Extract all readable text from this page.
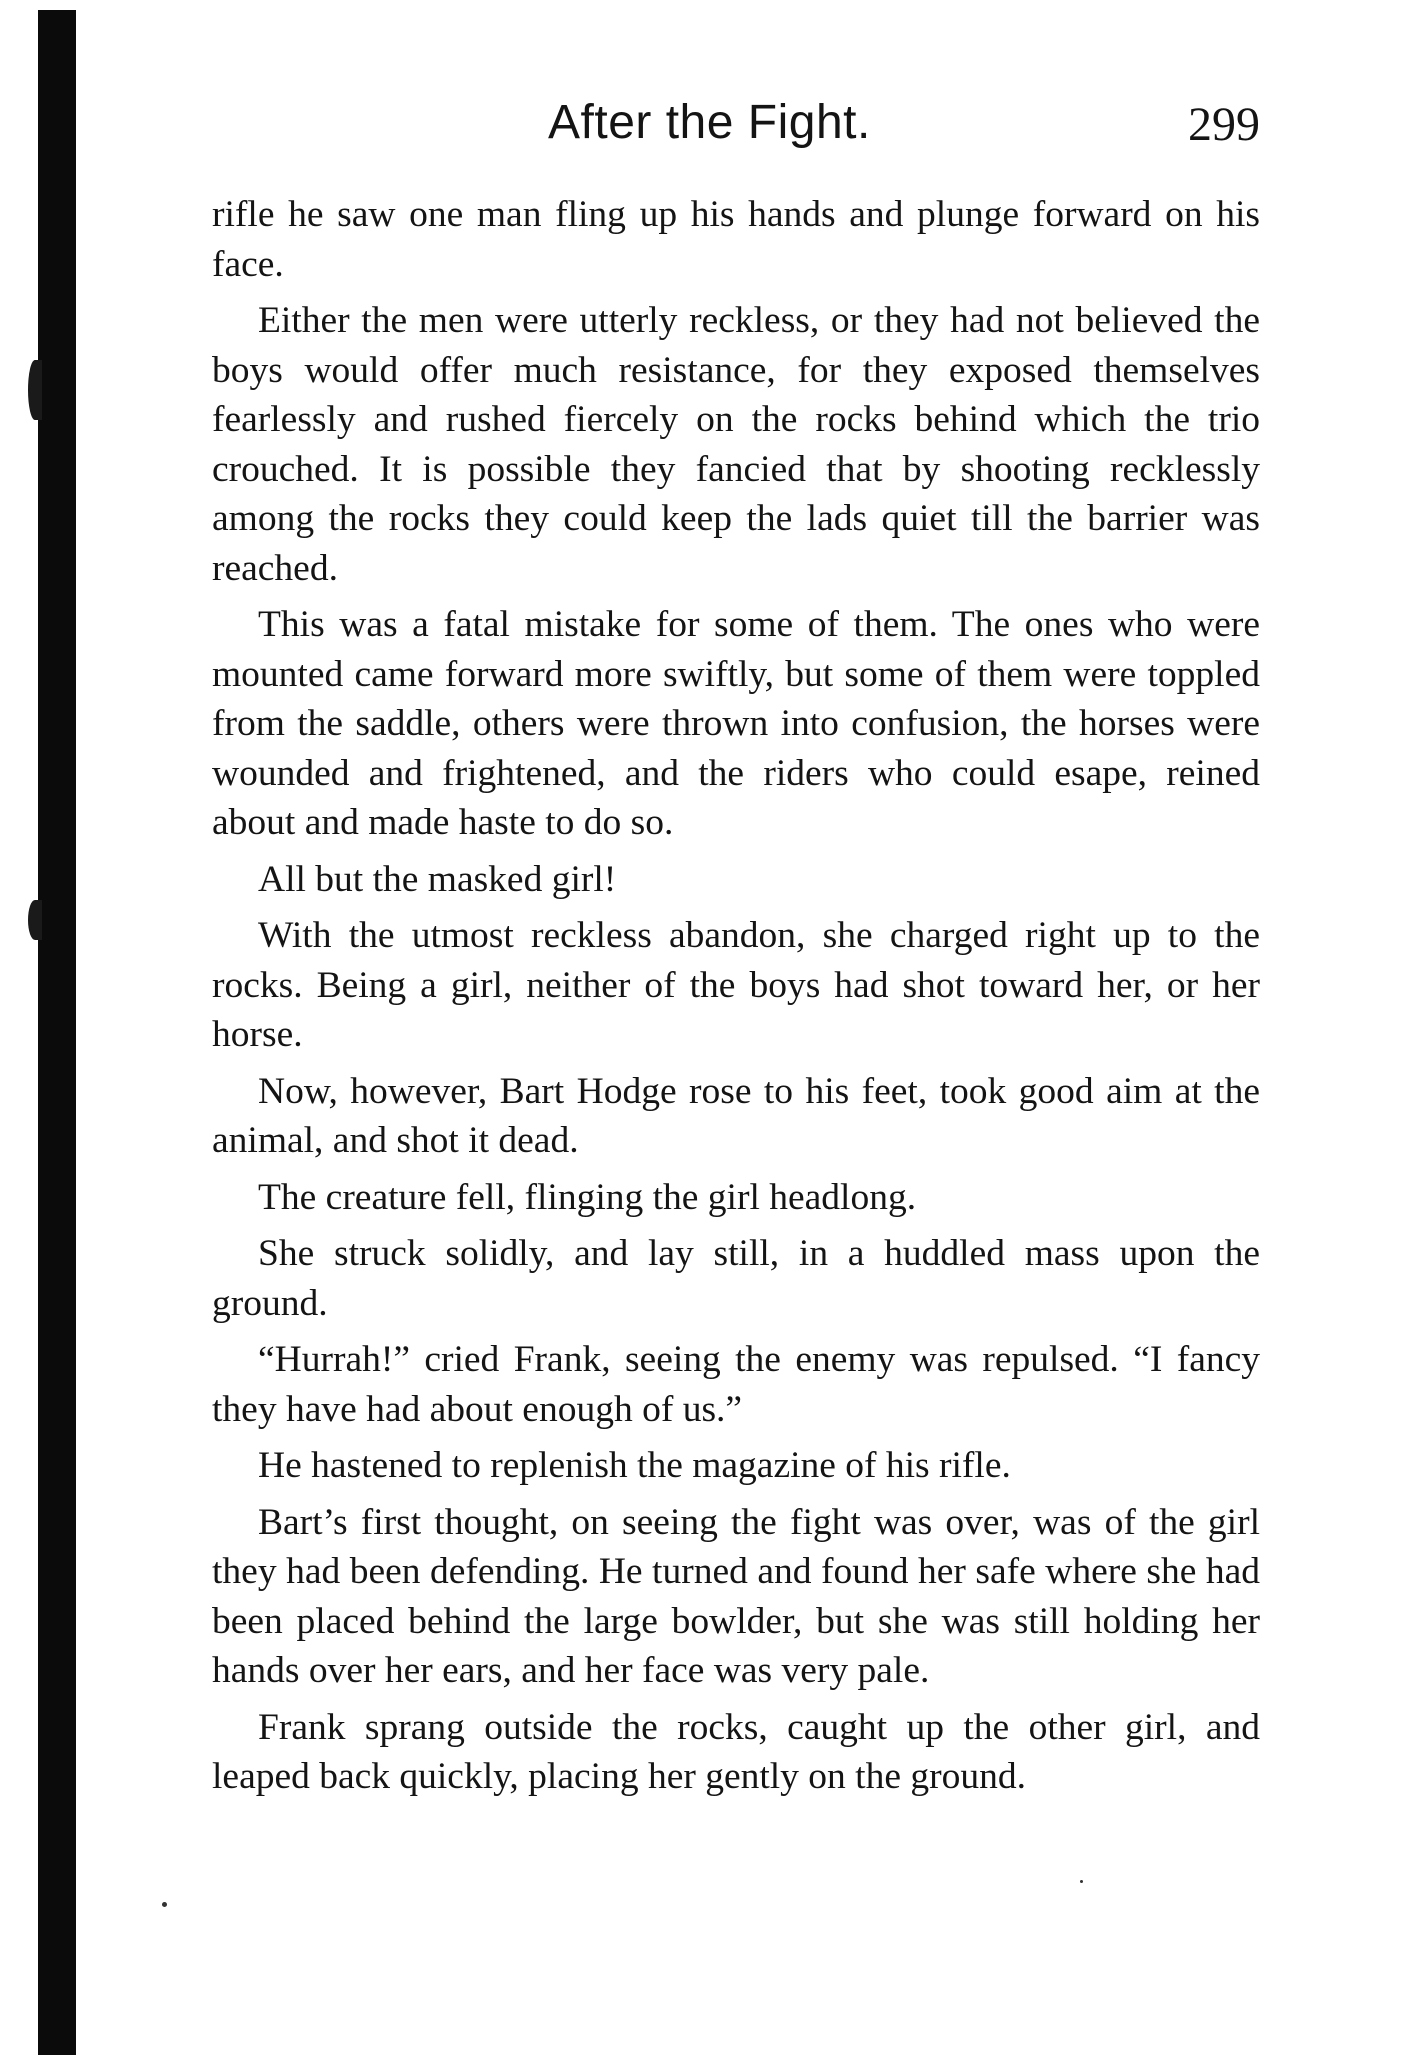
After the Fight.	299

rifle he saw one man fling up his hands and plunge forward on his face.

Either the men were utterly reckless, or they had not believed the boys would offer much resistance, for they exposed themselves fearlessly and rushed fiercely on the rocks behind which the trio crouched. It is possible they fancied that by shooting recklessly among the rocks they could keep the lads quiet till the barrier was reached.

This was a fatal mistake for some of them. The ones who were mounted came forward more swiftly, but some of them were toppled from the saddle, others were thrown into confusion, the horses were wounded and frightened, and the riders who could esape, reined about and made haste to do so.

All but the masked girl!

With the utmost reckless abandon, she charged right up to the rocks. Being a girl, neither of the boys had shot toward her, or her horse.

Now, however, Bart Hodge rose to his feet, took good aim at the animal, and shot it dead.

The creature fell, flinging the girl headlong.

She struck solidly, and lay still, in a huddled mass upon the ground.

“Hurrah!” cried Frank, seeing the enemy was repulsed. “I fancy they have had about enough of us.”

He hastened to replenish the magazine of his rifle.

Bart’s first thought, on seeing the fight was over, was of the girl they had been defending. He turned and found her safe where she had been placed behind the large bowlder, but she was still holding her hands over her ears, and her face was very pale.

Frank sprang outside the rocks, caught up the other girl, and leaped back quickly, placing her gently on the ground.
